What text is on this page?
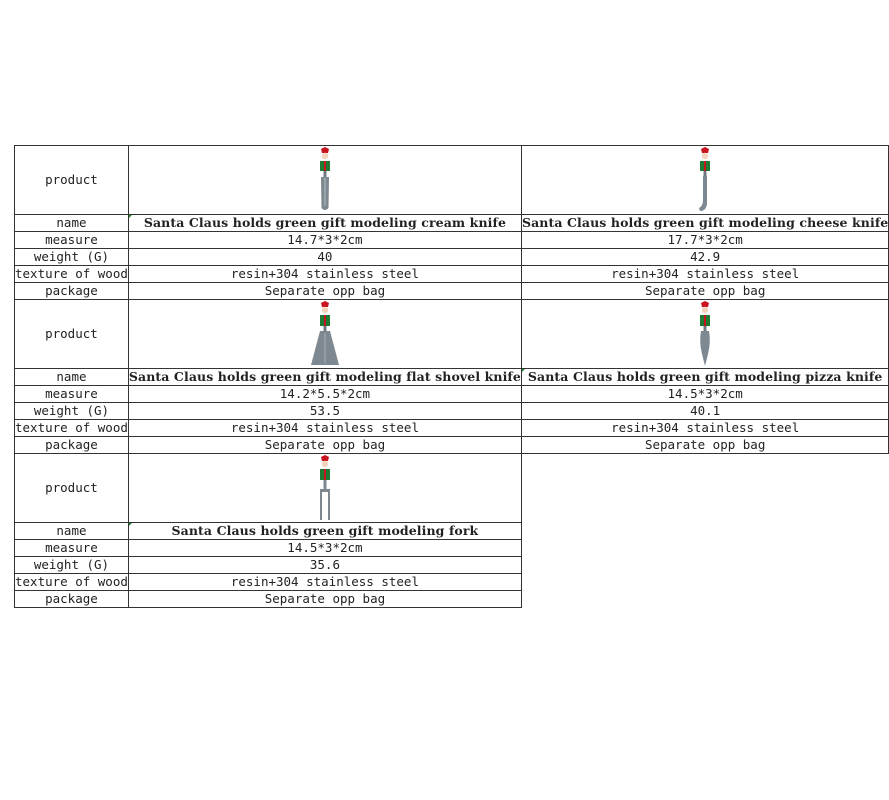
product	

name	Santa Claus holds green gift modeling cream knife	Santa Claus holds green gift modeling cheese knife
measure	14.7*3*2cm	17.7*3*2cm
weight (G)	40	42.9
texture of wood	resin+304 stainless steel	resin+304 stainless steel
package	Separate opp bag	Separate opp bag
product	

name	Santa Claus holds green gift modeling flat shovel knife	Santa Claus holds green gift modeling pizza knife
measure	14.2*5.5*2cm	14.5*3*2cm
weight (G)	53.5	40.1
texture of wood	resin+304 stainless steel	resin+304 stainless steel
package	Separate opp bag	Separate opp bag
product	

name	Santa Claus holds green gift modeling fork	
measure	14.5*3*2cm	
weight (G)	35.6	
texture of wood	resin+304 stainless steel	
package	Separate opp bag	
